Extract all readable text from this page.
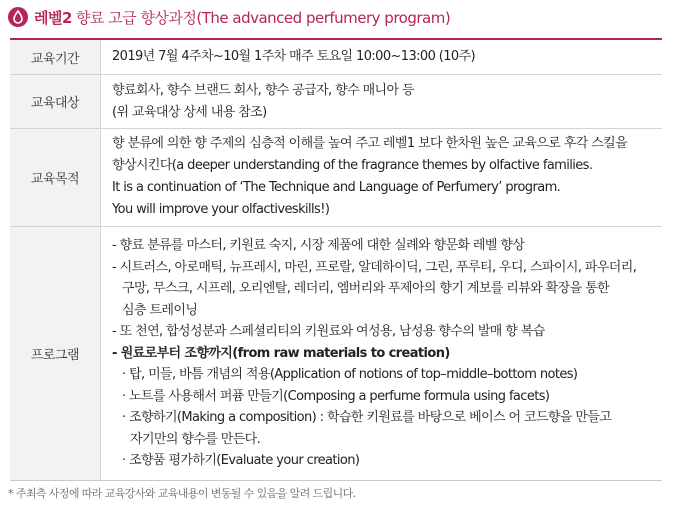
레벨2 향료 고급 향상과정(The advanced perfumery program)
교육기간	2019년 7월 4주차~10월 1주차 매주 토요일 10:00~13:00 (10주)
교육대상
향료회사, 향수 브랜드 회사, 향수 공급자, 향수 매니아 등
(위 교육대상 상세 내용 참조)
교육목적
향 분류에 의한 향 주제의 심층적 이해를 높여 주고 레벨1 보다 한차원 높은 교육으로 후각 스킬을
향상시킨다(a deeper understanding of the fragrance themes by olfactive families.
It is a continuation of ‘The Technique and Language of Perfumery’ program.
You will improve your olfactiveskills!)
프로그램
- 향료 분류를 마스터, 키원료 숙지, 시장 제품에 대한 실례와 향문화 레벨 향상
- 시트러스, 아로매틱, 뉴프레시, 마린, 프로랄, 알데하이딕, 그린, 푸루티, 우디, 스파이시, 파우더리,
구망, 무스크, 시프레, 오리엔탈, 레더리, 엠버리와 푸제아의 향기 계보를 리뷰와 확장을 통한
심층 트레이닝
- 또 천연, 합성성분과 스페셜리티의 키원료와 여성용, 남성용 향수의 발매 향 복습
- 원료로부터 조향까지(from raw materials to creation)
· 탑, 미들, 바틈 개념의 적용(Application of notions of top–middle–bottom notes)
· 노트를 사용해서 퍼퓸 만들기(Composing a perfume formula using facets)
· 조향하기(Making a composition) : 학습한 키원료를 바탕으로 베이스 어 코드향을 만들고
자기만의 향수를 만든다.
· 조향품 평가하기(Evaluate your creation)
* 주최측 사정에 따라 교육강사와 교육내용이 변동될 수 있음을 알려 드립니다.
